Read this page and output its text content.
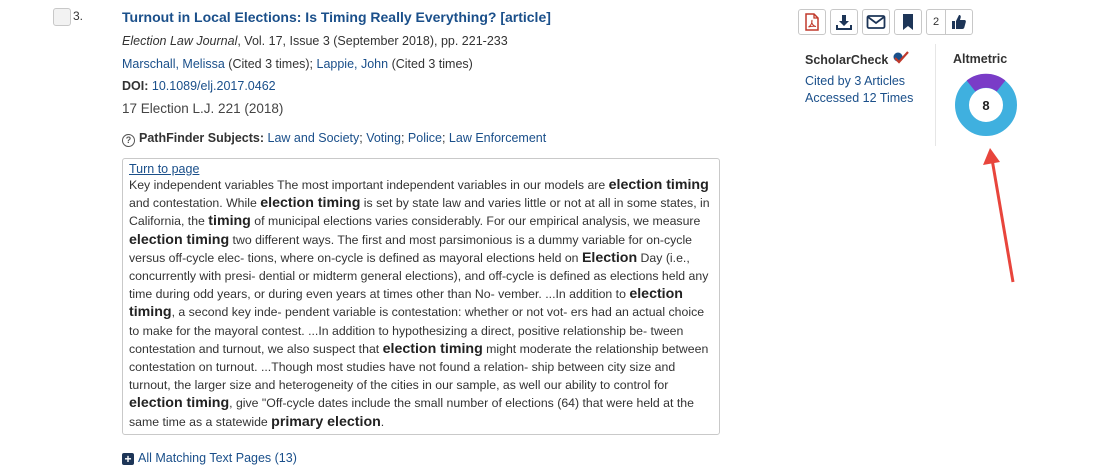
3.	Turnout in Local Elections: Is Timing Really Everything? [article]
Election Law Journal, Vol. 17, Issue 3 (September 2018), pp. 221-233
Marschall, Melissa (Cited 3 times); Lappie, John (Cited 3 times)
DOI: 10.1089/elj.2017.0462
17 Election L.J. 221 (2018)
? PathFinder Subjects: Law and Society; Voting; Police; Law Enforcement
Turn to page

Key independent variables The most important independent variables in our models are election timing and contestation. While election timing is set by state law and varies little or not at all in some states, in California, the timing of municipal elections varies considerably. For our empirical analysis, we measure election timing two different ways. The first and most parsimonious is a dummy variable for on-cycle versus off-cycle elec- tions, where on-cycle is defined as mayoral elections held on Election Day (i.e., concurrently with presi- dential or midterm general elections), and off-cycle is defined as elections held any time during odd years, or during even years at times other than No- vember. ...In addition to election timing, a second key inde- pendent variable is contestation: whether or not vot- ers had an actual choice to make for the mayoral contest. ...In addition to hypothesizing a direct, positive relationship be- tween contestation and turnout, we also suspect that election timing might moderate the relationship between contestation on turnout. ...Though most studies have not found a relation- ship between city size and turnout, the larger size and heterogeneity of the cities in our sample, as well our ability to control for election timing, give "Off-cycle dates include the small number of elections (64) that were held at the same time as a statewide primary election.

+ All Matching Text Pages (13)
2
ScholarCheck
Cited by 3 Articles
Accessed 12 Times
Altmetric
8
